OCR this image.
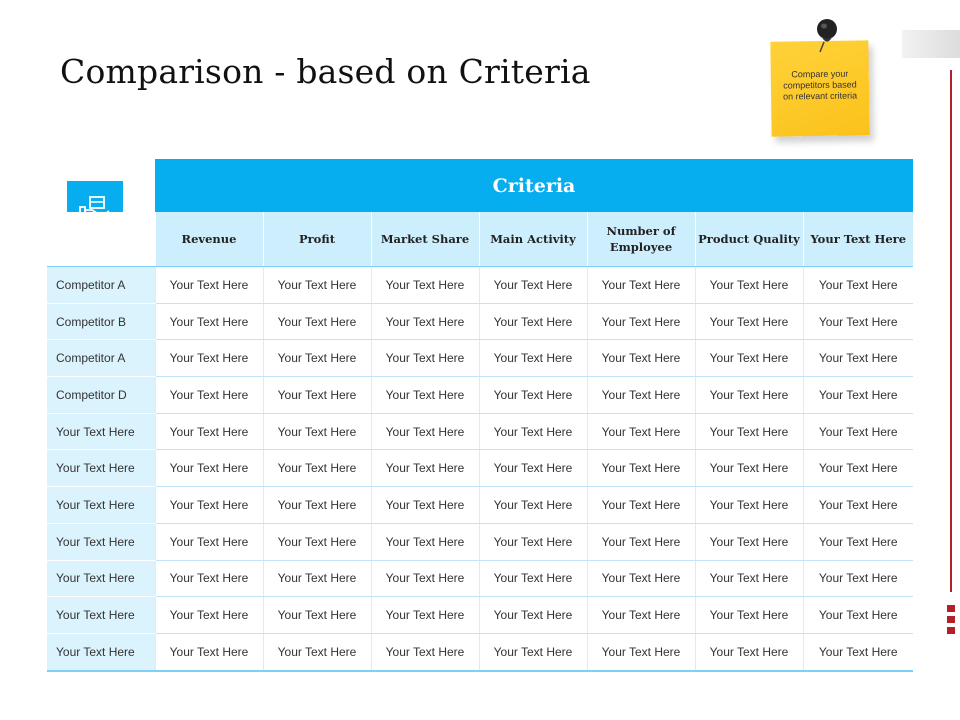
Comparison - based on Criteria	Compare your competitors based on relevant criteria
Criteria
	Revenue	Profit	Market Share	Main Activity	Number of Employee	Product Quality	Your Text Here
Competitor A	Your Text Here	Your Text Here	Your Text Here	Your Text Here	Your Text Here	Your Text Here	Your Text Here
Competitor B	Your Text Here	Your Text Here	Your Text Here	Your Text Here	Your Text Here	Your Text Here	Your Text Here
Competitor A	Your Text Here	Your Text Here	Your Text Here	Your Text Here	Your Text Here	Your Text Here	Your Text Here
Competitor D	Your Text Here	Your Text Here	Your Text Here	Your Text Here	Your Text Here	Your Text Here	Your Text Here
Your Text Here	Your Text Here	Your Text Here	Your Text Here	Your Text Here	Your Text Here	Your Text Here	Your Text Here
Your Text Here	Your Text Here	Your Text Here	Your Text Here	Your Text Here	Your Text Here	Your Text Here	Your Text Here
Your Text Here	Your Text Here	Your Text Here	Your Text Here	Your Text Here	Your Text Here	Your Text Here	Your Text Here
Your Text Here	Your Text Here	Your Text Here	Your Text Here	Your Text Here	Your Text Here	Your Text Here	Your Text Here
Your Text Here	Your Text Here	Your Text Here	Your Text Here	Your Text Here	Your Text Here	Your Text Here	Your Text Here
Your Text Here	Your Text Here	Your Text Here	Your Text Here	Your Text Here	Your Text Here	Your Text Here	Your Text Here
Your Text Here	Your Text Here	Your Text Here	Your Text Here	Your Text Here	Your Text Here	Your Text Here	Your Text Here
